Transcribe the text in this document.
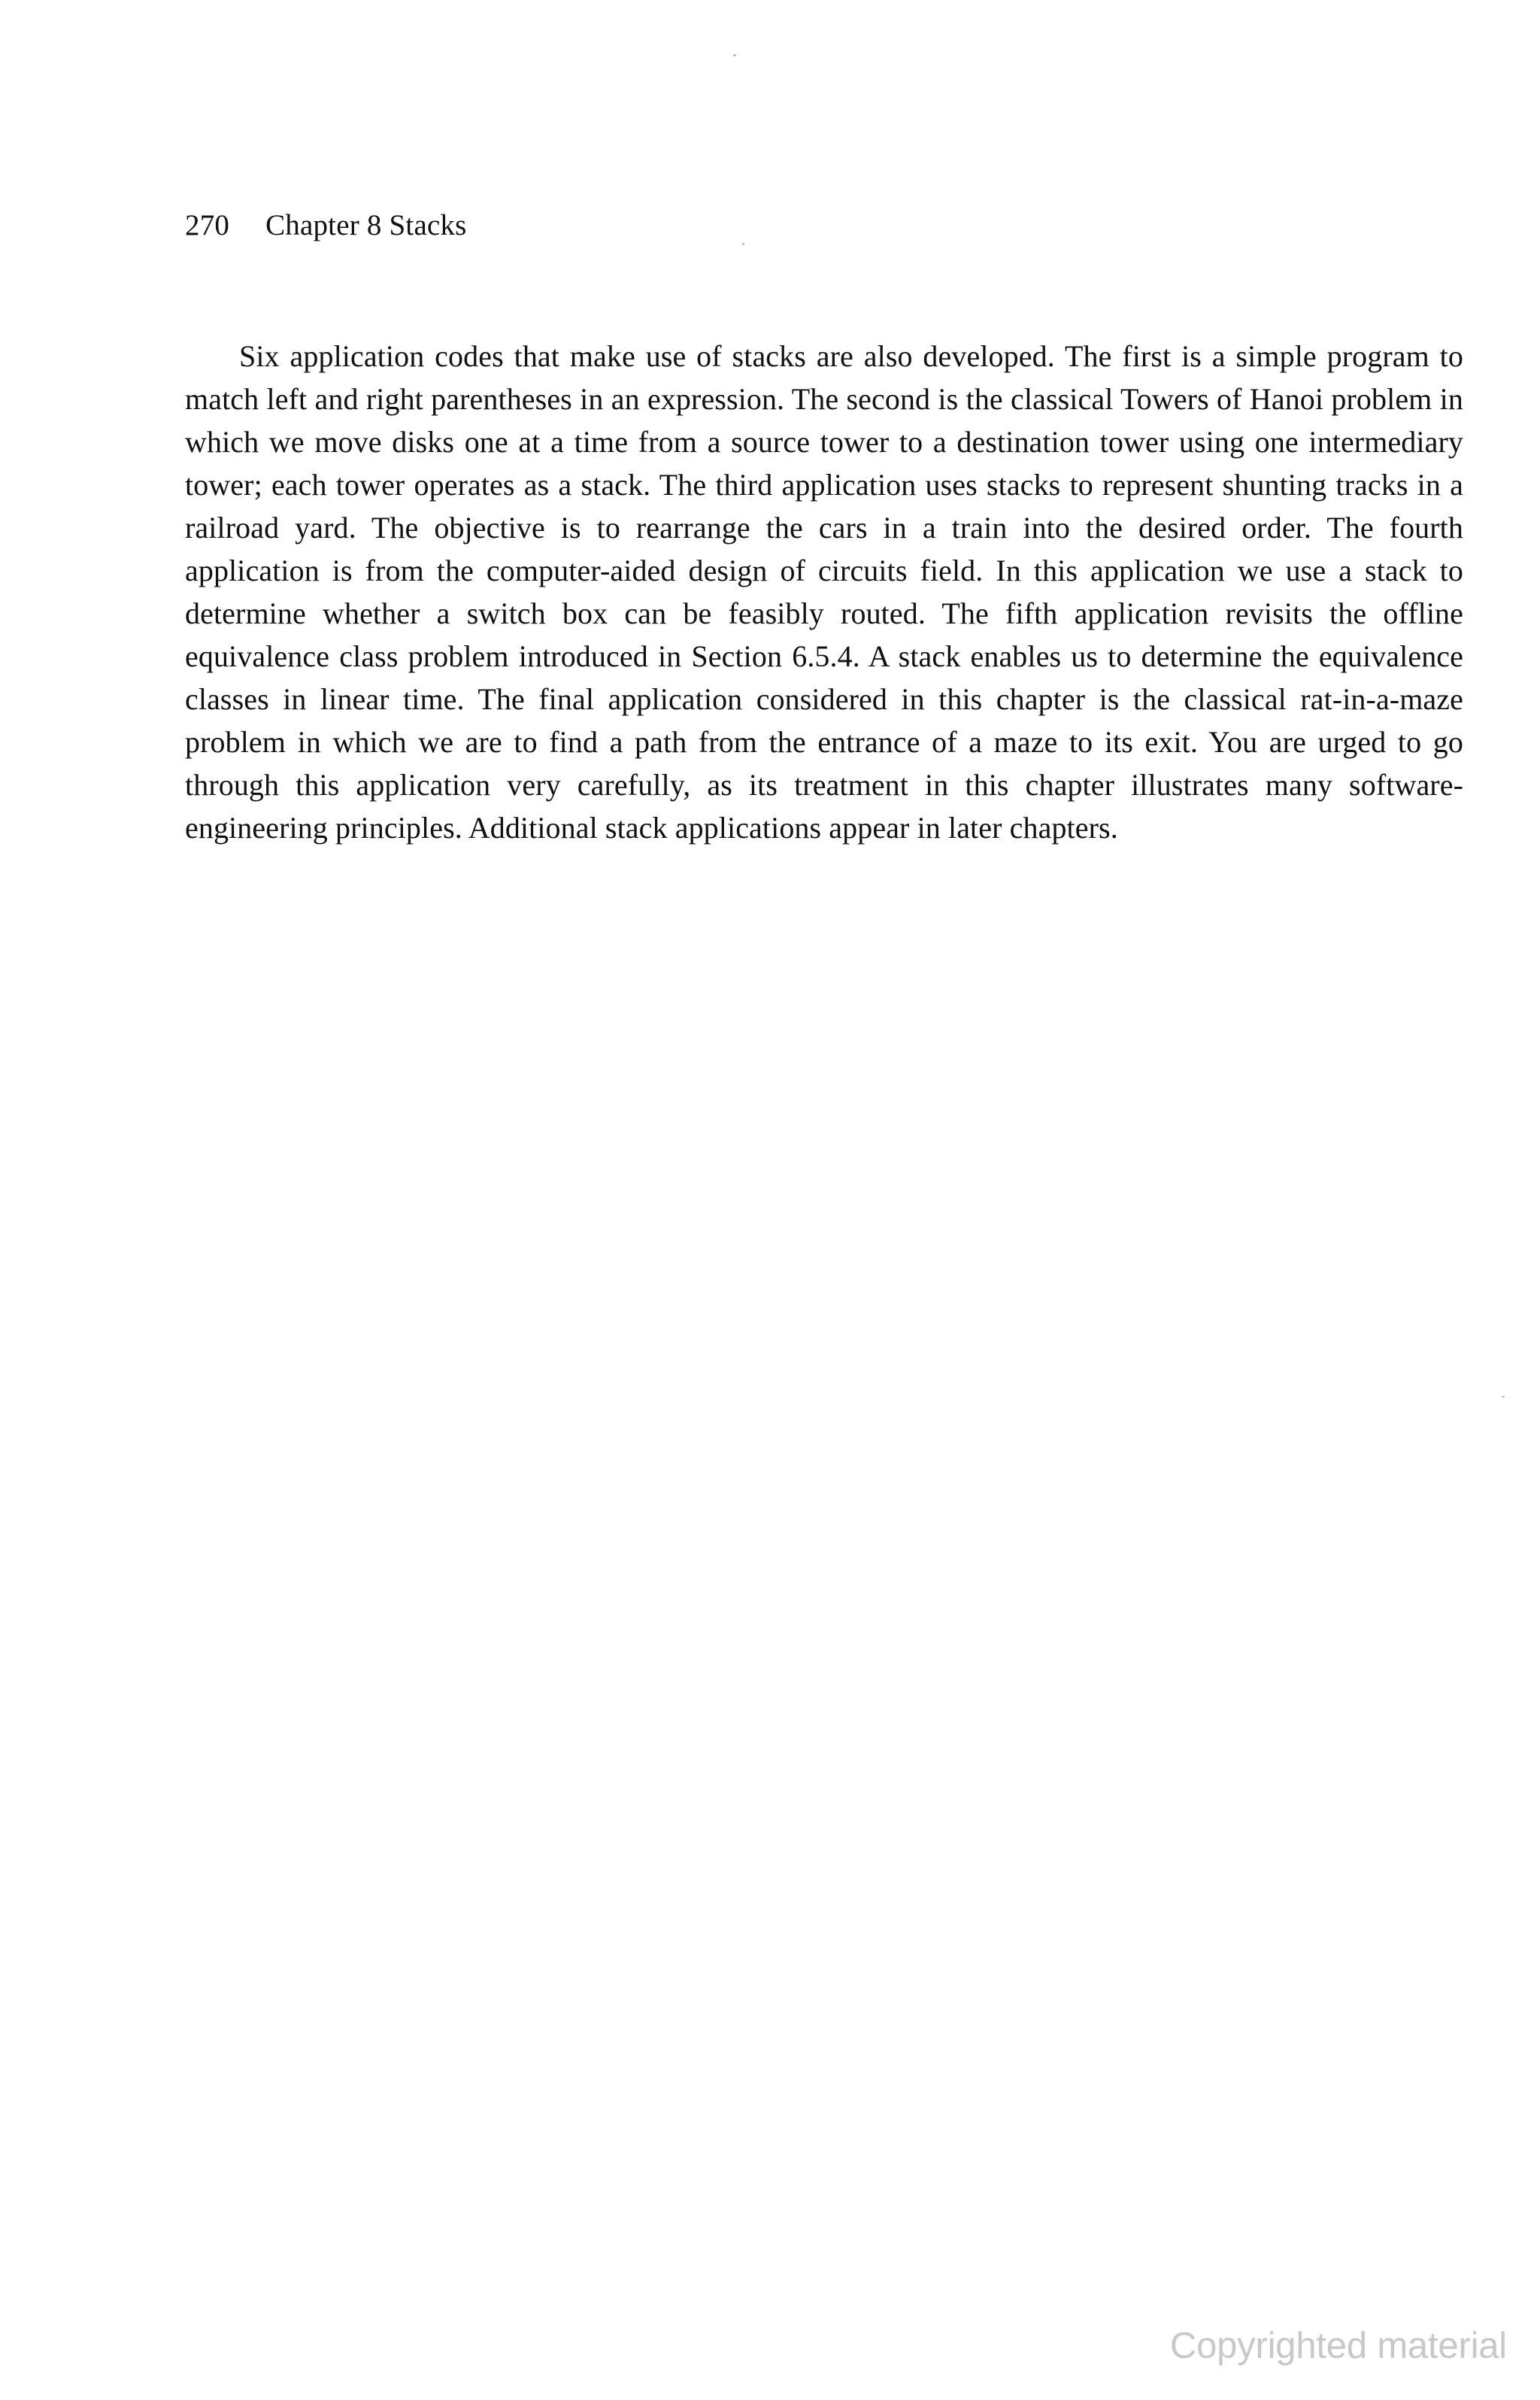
270 Chapter 8 Stacks

Six application codes that make use of stacks are also developed. The first is a simple program to match left and right parentheses in an expression. The second is the classical Towers of Hanoi problem in which we move disks one at a time from a source tower to a destination tower using one intermediary tower; each tower operates as a stack. The third application uses stacks to represent shunting tracks in a railroad yard. The objective is to rearrange the cars in a train into the desired order. The fourth application is from the computer-aided design of circuits field. In this application we use a stack to determine whether a switch box can be feasibly routed. The fifth application revisits the offline equivalence class problem introduced in Section 6.5.4. A stack enables us to determine the equivalence classes in linear time. The final application considered in this chapter is the classical rat-in-a-maze problem in which we are to find a path from the entrance of a maze to its exit. You are urged to go through this application very carefully, as its treatment in this chapter illustrates many software-engineering principles. Additional stack applications appear in later chapters.

Copyrighted material
